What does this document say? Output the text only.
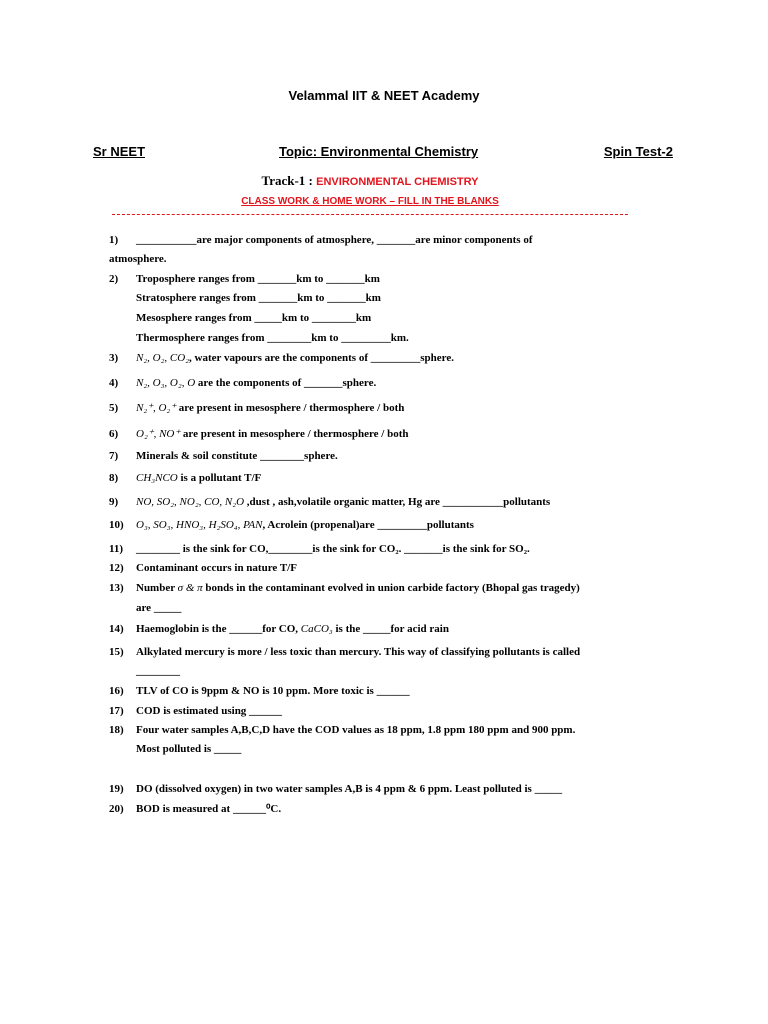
Velammal IIT & NEET Academy
Sr NEET	Topic: Environmental Chemistry	Spin Test-2
Track-1 : ENVIRONMENTAL CHEMISTRY
CLASS WORK & HOME WORK – FILL IN THE BLANKS
1) ___________are major components of atmosphere, _______are minor components of
atmosphere.
2) Troposphere ranges from _______km to _______km
Stratosphere ranges from _______km to _______km
Mesosphere ranges from _____km to ________km
Thermosphere ranges from ________km to _________km.
3) N₂, O₂, CO₂, water vapours are the components of _________sphere.
4) N₂, O₃, O₂, O are the components of _______sphere.
5) N₂⁺, O₂⁺ are present in mesosphere / thermosphere / both
6) O₂⁺, NO⁺ are present in mesosphere / thermosphere / both
7) Minerals & soil constitute ________sphere.
8) CH₃NCO is a pollutant T/F
9) NO, SO₂, NO₂, CO, N₂O ,dust , ash,volatile organic matter, Hg are ___________pollutants
10) O₃, SO₃, HNO₃, H₂SO₄, PAN, Acrolein (propenal)are _________pollutants
11) ________ is the sink for CO,________is the sink for CO₂. _______is the sink for SO₂.
12) Contaminant occurs in nature T/F
13) Number σ & π bonds in the contaminant evolved in union carbide factory (Bhopal gas tragedy)
are _____
14) Haemoglobin is the ______for CO, CaCO₃ is the _____for acid rain
15) Alkylated mercury is more / less toxic than mercury. This way of classifying pollutants is called
________
16) TLV of CO is 9ppm & NO is 10 ppm. More toxic is ______
17) COD is estimated using ______
18) Four water samples A,B,C,D have the COD values as 18 ppm, 1.8 ppm 180 ppm and 900 ppm.
Most polluted is _____
19) DO (dissolved oxygen) in two water samples A,B is 4 ppm & 6 ppm. Least polluted is _____
20) BOD is measured at ______⁰C.
